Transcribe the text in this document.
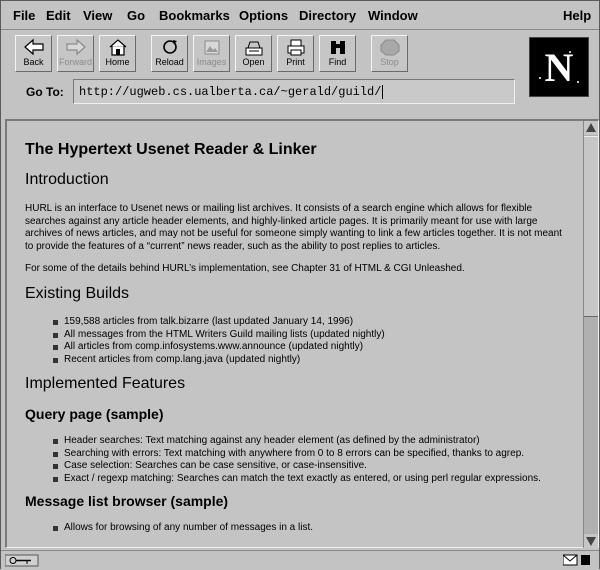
File Edit View Go Bookmarks Options Directory Window	Help
Back	Forward	Home	Reload	Images	Open	Print	Find	Stop	N
Go To:	http://ugweb.cs.ualberta.ca/~gerald/guild/
The Hypertext Usenet Reader & Linker
Introduction
HURL is an interface to Usenet news or mailing list archives. It consists of a search engine which allows for flexible searches against any article header elements, and highly-linked article pages. It is primarily meant for use with large archives of news articles, and may not be useful for someone simply wanting to link a few articles together. It is not meant to provide the features of a “current” news reader, such as the ability to post replies to articles.
For some of the details behind HURL’s implementation, see Chapter 31 of HTML & CGI Unleashed.
Existing Builds
159,588 articles from talk.bizarre (last updated January 14, 1996)
All messages from the HTML Writers Guild mailing lists (updated nightly)
All articles from comp.infosystems.www.announce (updated nightly)
Recent articles from comp.lang.java (updated nightly)
Implemented Features
Query page (sample)
Header searches: Text matching against any header element (as defined by the administrator)
Searching with errors: Text matching with anywhere from 0 to 8 errors can be specified, thanks to agrep.
Case selection: Searches can be case sensitive, or case-insensitive.
Exact / regexp matching: Searches can match the text exactly as entered, or using perl regular expressions.
Message list browser (sample)
Allows for browsing of any number of messages in a list.
